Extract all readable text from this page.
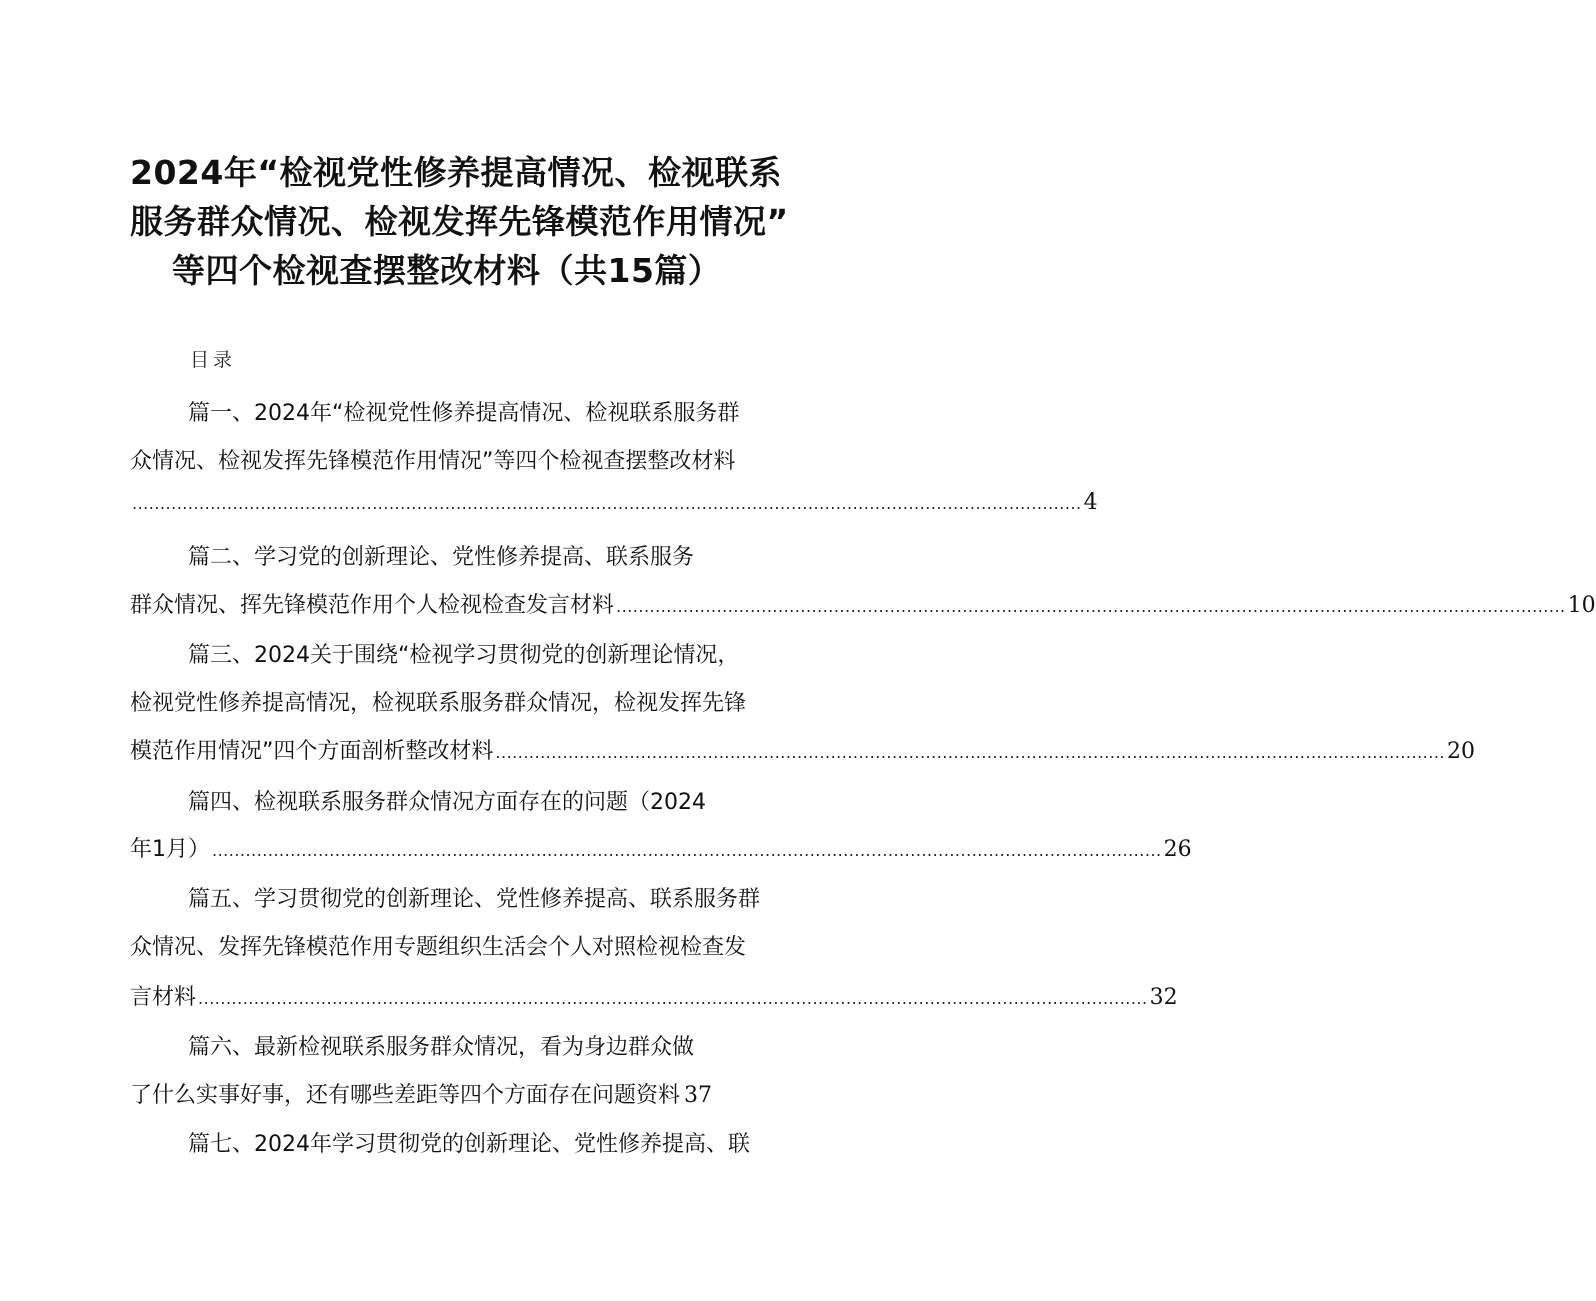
2024年“检视党性修养提高情况、检视联系
服务群众情况、检视发挥先锋模范作用情况”
等四个检视查摆整改材料（共15篇）
目录
篇一、2024年“检视党性修养提高情况、检视联系服务群
众情况、检视发挥先锋模范作用情况”等四个检视查摆整改材料
.......................................................................................................................................................................... 4
篇二、学习党的创新理论、党性修养提高、联系服务
群众情况、挥先锋模范作用个人检视检查发言材料 .......................................................................................................................................................................... 10
篇三、2024关于围绕“检视学习贯彻党的创新理论情况，
检视党性修养提高情况，检视联系服务群众情况，检视发挥先锋
模范作用情况”四个方面剖析整改材料 .......................................................................................................................................................................... 20
篇四、检视联系服务群众情况方面存在的问题（2024
年1月） .......................................................................................................................................................................... 26
篇五、学习贯彻党的创新理论、党性修养提高、联系服务群
众情况、发挥先锋模范作用专题组织生活会个人对照检视检查发
言材料 .......................................................................................................................................................................... 32
篇六、最新检视联系服务群众情况，看为身边群众做
了什么实事好事，还有哪些差距等四个方面存在问题资料 37
篇七、2024年学习贯彻党的创新理论、党性修养提高、联
